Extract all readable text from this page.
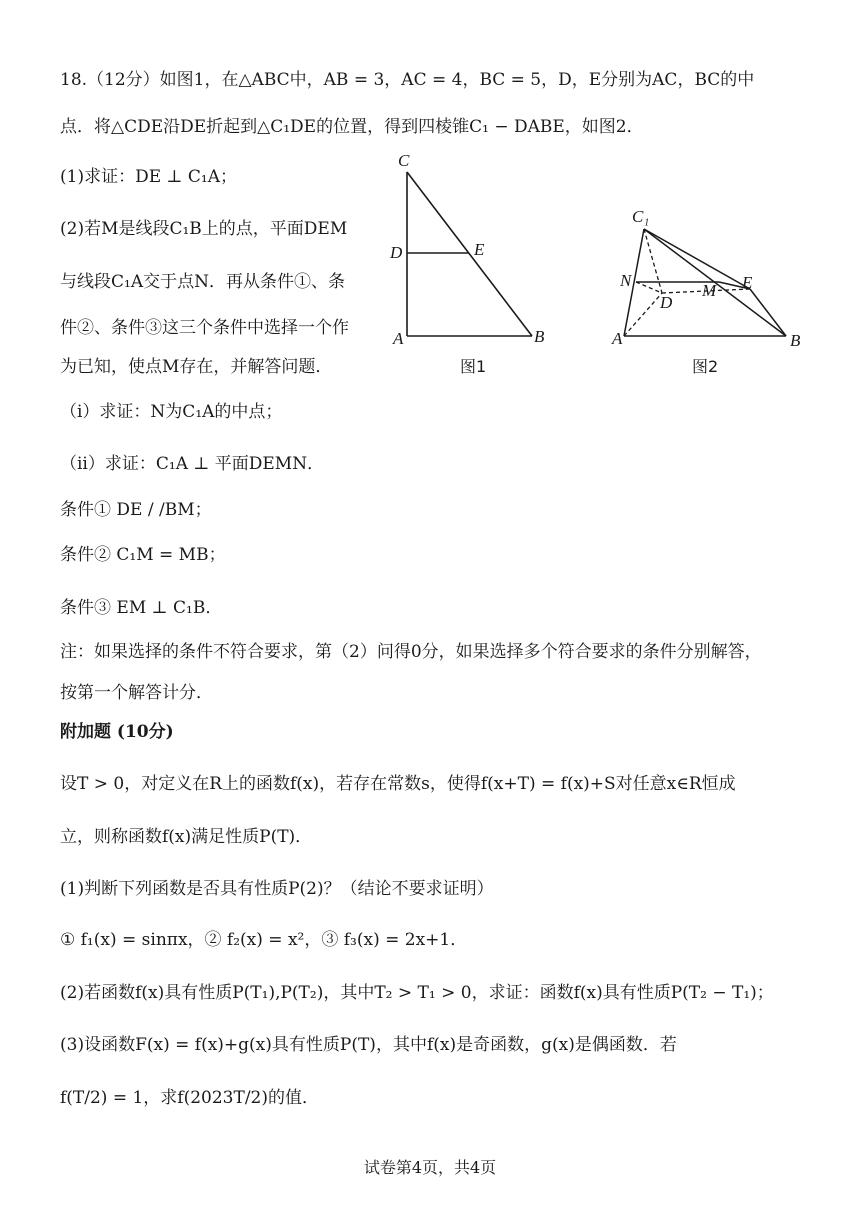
18.（12分）如图1，在△ABC中，AB = 3，AC = 4，BC = 5，D，E分别为AC，BC的中
点．将△CDE沿DE折起到△C₁DE的位置，得到四棱锥C₁ − DABE，如图2．
(1)求证：DE ⊥ C₁A；
(2)若M是线段C₁B上的点，平面DEM
与线段C₁A交于点N．再从条件①、条
件②、条件③这三个条件中选择一个作
为已知，使点M存在，并解答问题．
（i）求证：N为C₁A的中点；
（ii）求证：C₁A ⊥ 平面DEMN．
条件① DE / /BM；
条件② C₁M = MB；
条件③ EM ⊥ C₁B．
注：如果选择的条件不符合要求，第（2）问得0分，如果选择多个符合要求的条件分别解答，
按第一个解答计分．
C
D	E
A	B
图1
C₁
N
D
M E
A	B
图2
附加题 (10分)
设T > 0，对定义在R上的函数f(x)，若存在常数s，使得f(x+T) = f(x)+S对任意x∈R恒成
立，则称函数f(x)满足性质P(T)．
(1)判断下列函数是否具有性质P(2)？（结论不要求证明）
① f₁(x) = sinπx，② f₂(x) = x²，③ f₃(x) = 2x+1．
(2)若函数f(x)具有性质P(T₁),P(T₂)，其中T₂ > T₁ > 0，求证：函数f(x)具有性质P(T₂ − T₁)；
(3)设函数F(x) = f(x)+g(x)具有性质P(T)，其中f(x)是奇函数，g(x)是偶函数．若
f(T/2) = 1，求f(2023T/2)的值．
试卷第4页，共4页
